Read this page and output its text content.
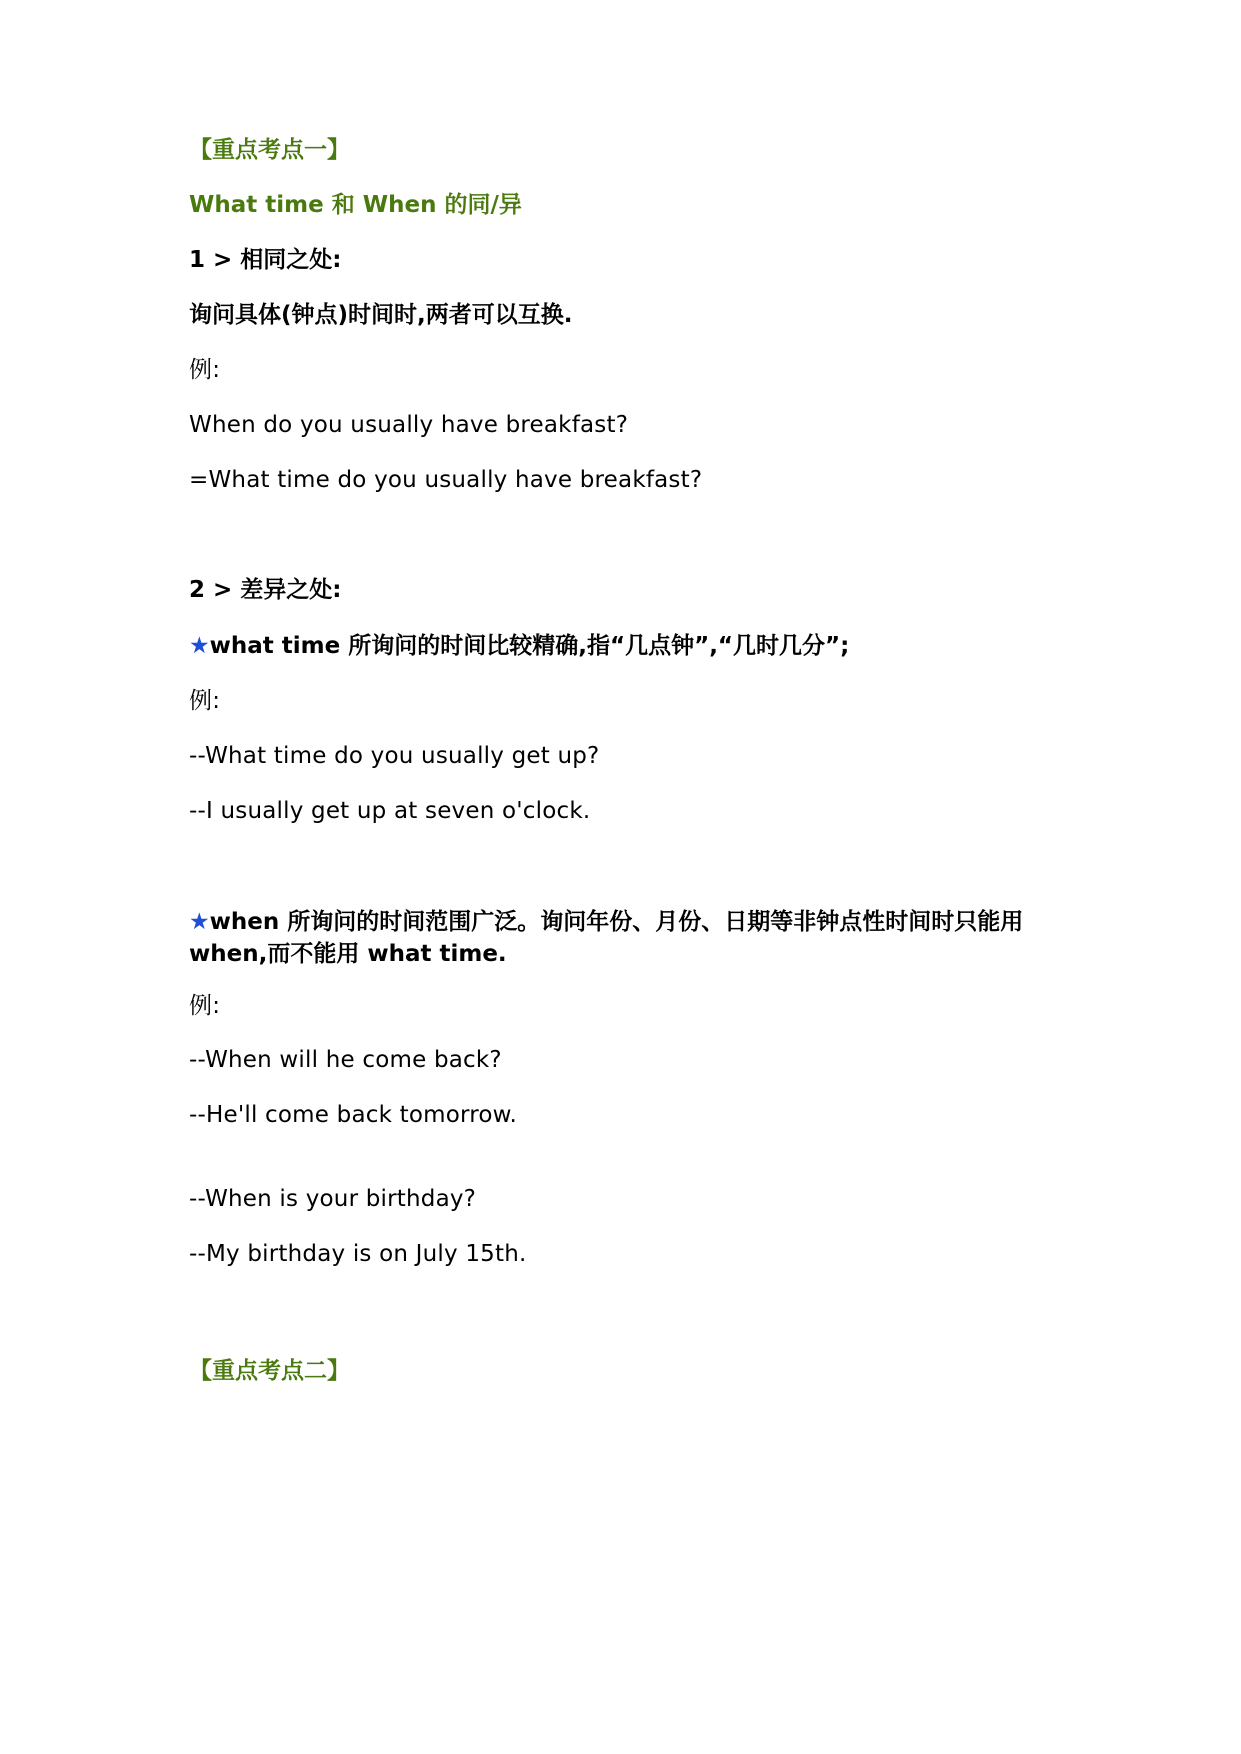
【重点考点一】
What time 和 When 的同/异
1 > 相同之处:
询问具体(钟点)时间时,两者可以互换.
例:
When do you usually have breakfast?
=What time do you usually have breakfast?
2 > 差异之处:
★what time 所询问的时间比较精确,指“几点钟”,“几时几分”;
例:
--What time do you usually get up?
--I usually get up at seven o'clock.
★when 所询问的时间范围广泛。询问年份、月份、日期等非钟点性时间时只能用 when,而不能用 what time.
例:
--When will he come back?
--He'll come back tomorrow.
--When is your birthday?
--My birthday is on July 15th.
【重点考点二】
